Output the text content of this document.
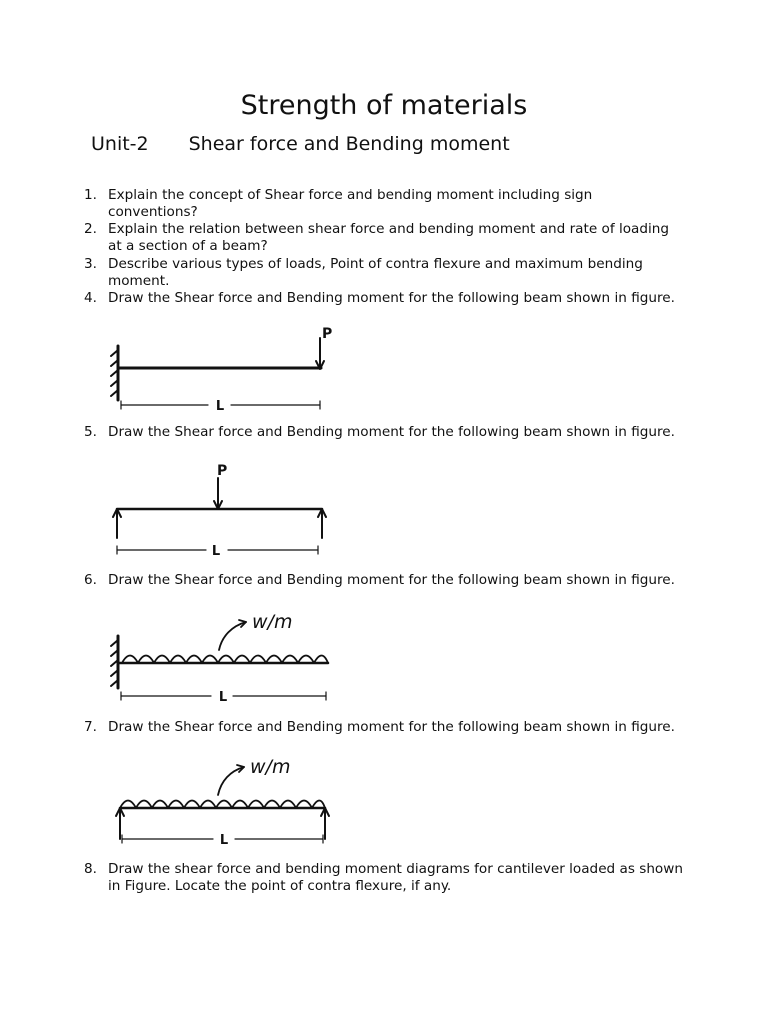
Strength of materials
Unit-2 Shear force and Bending moment
1. Explain the concept of Shear force and bending moment including sign conventions?
2. Explain the relation between shear force and bending moment and rate of loading at a section of a beam?
3. Describe various types of loads, Point of contra flexure and maximum bending moment.
4. Draw the Shear force and Bending moment for the following beam shown in figure.
P
L
5. Draw the Shear force and Bending moment for the following beam shown in figure.
P
L
6. Draw the Shear force and Bending moment for the following beam shown in figure.
w/m
L
7. Draw the Shear force and Bending moment for the following beam shown in figure.
w/m
L
8. Draw the shear force and bending moment diagrams for cantilever loaded as shown in Figure. Locate the point of contra flexure, if any.
